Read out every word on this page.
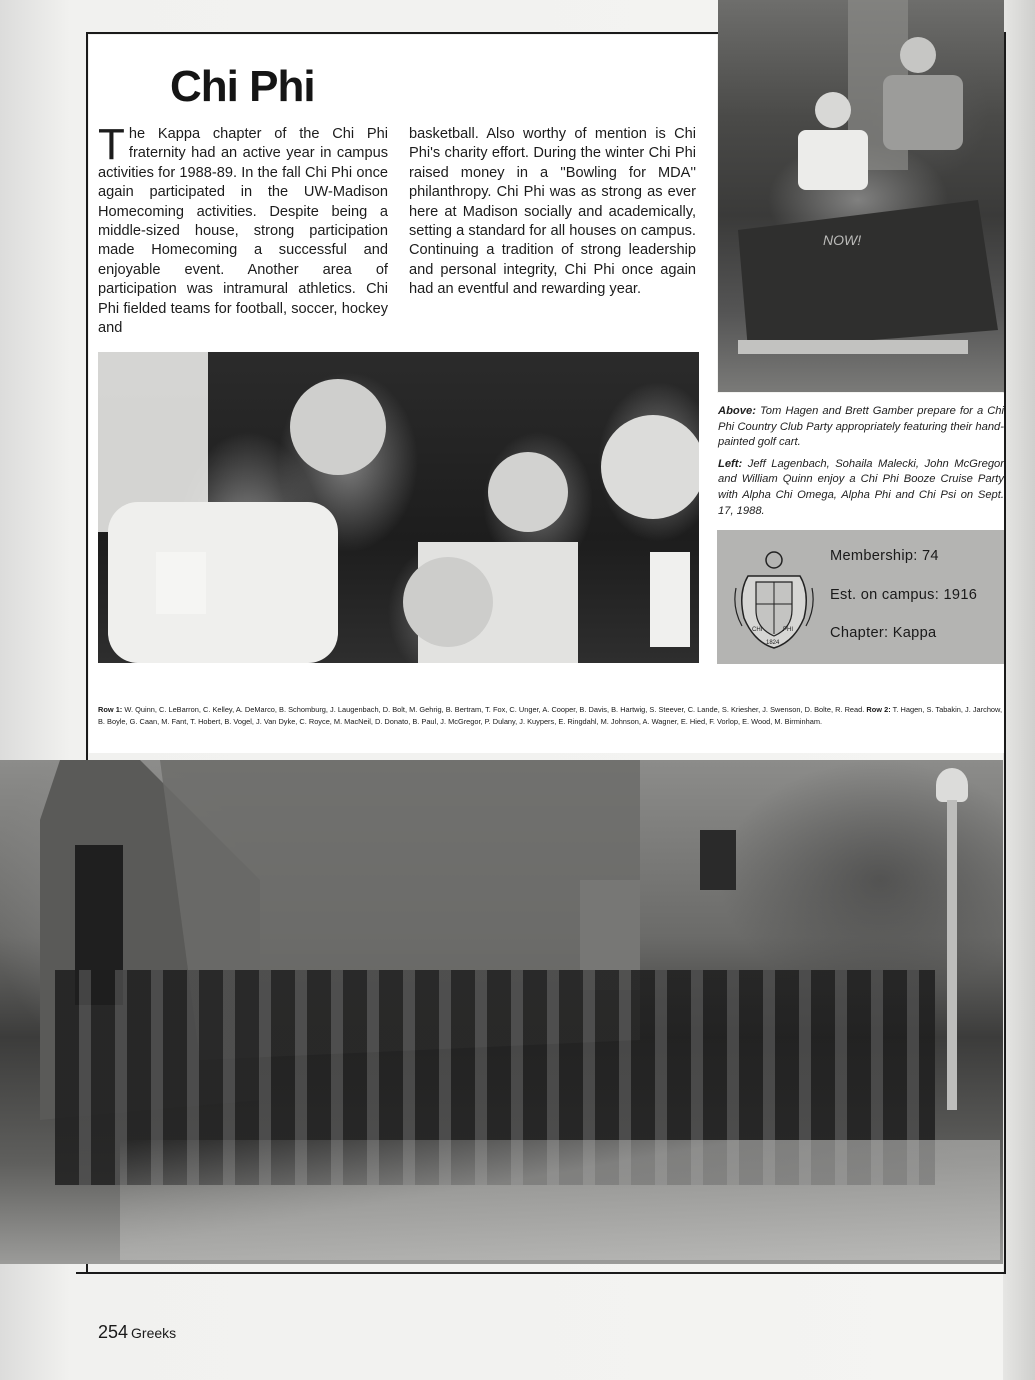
Chi Phi
The Kappa chapter of the Chi Phi fraternity had an active year in campus activities for 1988-89. In the fall Chi Phi once again participated in the UW-Madison Homecoming activities. Despite being a middle-sized house, strong participation made Homecoming a successful and enjoyable event. Another area of participation was intramural athletics. Chi Phi fielded teams for football, soccer, hockey and
basketball. Also worthy of mention is Chi Phi's charity effort. During the winter Chi Phi raised money in a ''Bowling for MDA'' philanthropy. Chi Phi was as strong as ever here at Madison socially and academically, setting a standard for all houses on campus. Continuing a tradition of strong leadership and personal integrity, Chi Phi once again had an eventful and rewarding year.
NOW!

Above: Tom Hagen and Brett Gamber prepare for a Chi Phi Country Club Party appropriately featuring their hand-painted golf cart.

Left: Jeff Lagenbach, Sohaila Malecki, John McGregor and William Quinn enjoy a Chi Phi Booze Cruise Party with Alpha Chi Omega, Alpha Phi and Chi Psi on Sept. 17, 1988.

CHI	PHI
1824
Membership: 74
Est. on campus: 1916
Chapter: Kappa
Row 1: W. Quinn, C. LeBarron, C. Kelley, A. DeMarco, B. Schomburg, J. Laugenbach, D. Bolt, M. Gehrig, B. Bertram, T. Fox, C. Unger, A. Cooper, B. Davis, B. Hartwig, S. Steever, C. Lande, S. Kriesher, J. Swenson, D. Bolte, R. Read. Row 2: T. Hagen, S. Tabakin, J. Jarchow, B. Boyle, G. Caan, M. Fant, T. Hobert, B. Vogel, J. Van Dyke, C. Royce, M. MacNeil, D. Donato, B. Paul, J. McGregor, P. Dulany, J. Kuypers, E. Ringdahl, M. Johnson, A. Wagner, E. Hied, F. Vorlop, E. Wood, M. Birminham.
254 Greeks
